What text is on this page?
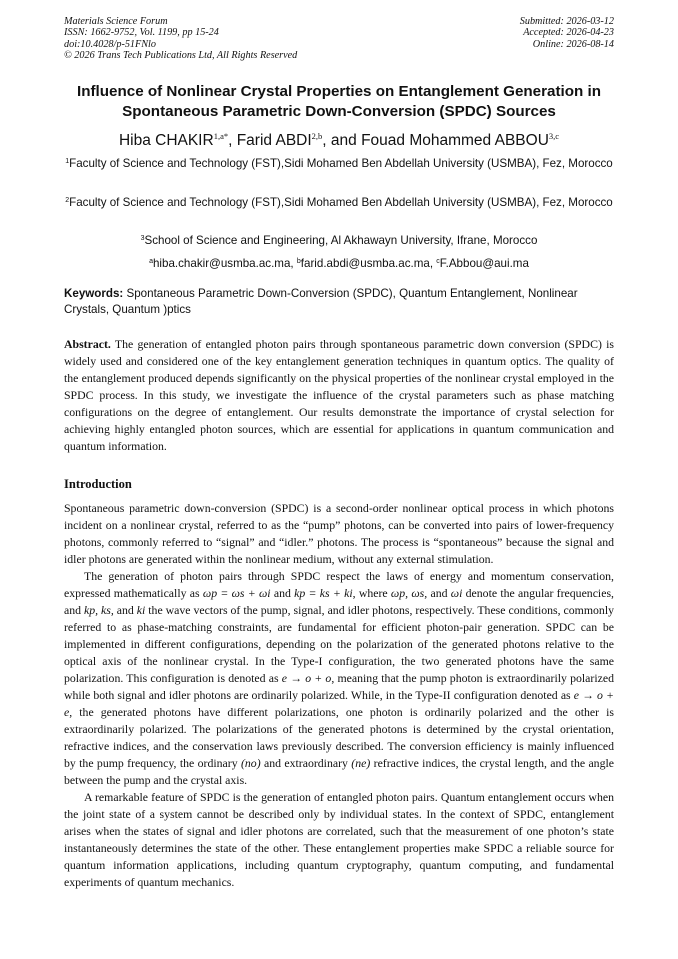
Materials Science Forum
ISSN: 1662-9752, Vol. 1199, pp 15-24
doi:10.4028/p-51FNlo
© 2026 Trans Tech Publications Ltd, All Rights Reserved
Submitted: 2026-03-12
Accepted: 2026-04-23
Online: 2026-08-14
Influence of Nonlinear Crystal Properties on Entanglement Generation in Spontaneous Parametric Down-Conversion (SPDC) Sources
Hiba $CHAKIR^{1,a*}$, Farid ABDI$^{2,b}$, and Fouad Mohammed ABBOU$^{3,c}$
$^1$Faculty of Science and Technology (FST),Sidi Mohamed Ben Abdellah University (USMBA), Fez, Morocco
$^2$Faculty of Science and Technology (FST),Sidi Mohamed Ben Abdellah University (USMBA), Fez, Morocco
$^3$School of Science and Engineering, Al Akhawayn University, Ifrane, Morocco
$^a$hiba.chakir@usmba.ac.ma, $^b$farid.abdi@usmba.ac.ma, $^c$F.Abbou@aui.ma
Keywords: Spontaneous Parametric Down-Conversion (SPDC), Quantum Entanglement, Nonlinear Crystals, Quantum )ptics
Abstract. The generation of entangled photon pairs through spontaneous parametric down conversion (SPDC) is widely used and considered one of the key entanglement generation techniques in quantum optics. The quality of the entanglement produced depends significantly on the physical properties of the nonlinear crystal employed in the SPDC process. In this study, we investigate the influence of the crystal parameters such as phase matching configurations on the degree of entanglement. Our results demonstrate the importance of crystal selection for achieving highly entangled photon sources, which are essential for applications in quantum communication and quantum information.
Introduction

Spontaneous parametric down-conversion (SPDC) is a second-order nonlinear optical process in which photons incident on a nonlinear crystal, referred to as the “pump” photons, can be converted into pairs of lower-frequency photons, commonly referred to “signal” and “idler.” photons. The process is “spontaneous” because the signal and idler photons are generated within the nonlinear medium, without any external stimulation.

The generation of photon pairs through SPDC respect the laws of energy and momentum conservation, expressed mathematically as ωp = ωs + ωi and kp = ks + ki, where ωp, ωs, and ωi denote the angular frequencies, and kp, ks, and ki the wave vectors of the pump, signal, and idler photons, respectively. These conditions, commonly referred to as phase-matching constraints, are fundamental for efficient photon-pair generation. SPDC can be implemented in different configurations, depending on the polarization of the generated photons relative to the optical axis of the nonlinear crystal. In the Type-I configuration, the two generated photons have the same polarization. This configuration is denoted as e → o + o, meaning that the pump photon is extraordinarily polarized while both signal and idler photons are ordinarily polarized. While, in the Type-II configuration denoted as e → o + e, the generated photons have different polarizations, one photon is ordinarily polarized and the other is extraordinarily polarized. The polarizations of the generated photons is determined by the crystal orientation, refractive indices, and the conservation laws previously described. The conversion efficiency is mainly influenced by the pump frequency, the ordinary (no) and extraordinary (ne) refractive indices, the crystal length, and the angle between the pump and the crystal axis.

A remarkable feature of SPDC is the generation of entangled photon pairs. Quantum entanglement occurs when the joint state of a system cannot be described only by individual states. In the context of SPDC, entanglement arises when the states of signal and idler photons are correlated, such that the measurement of one photon’s state instantaneously determines the state of the other. These entanglement properties make SPDC a reliable source for quantum information applications, including quantum cryptography, quantum computing, and fundamental experiments of quantum mechanics.
